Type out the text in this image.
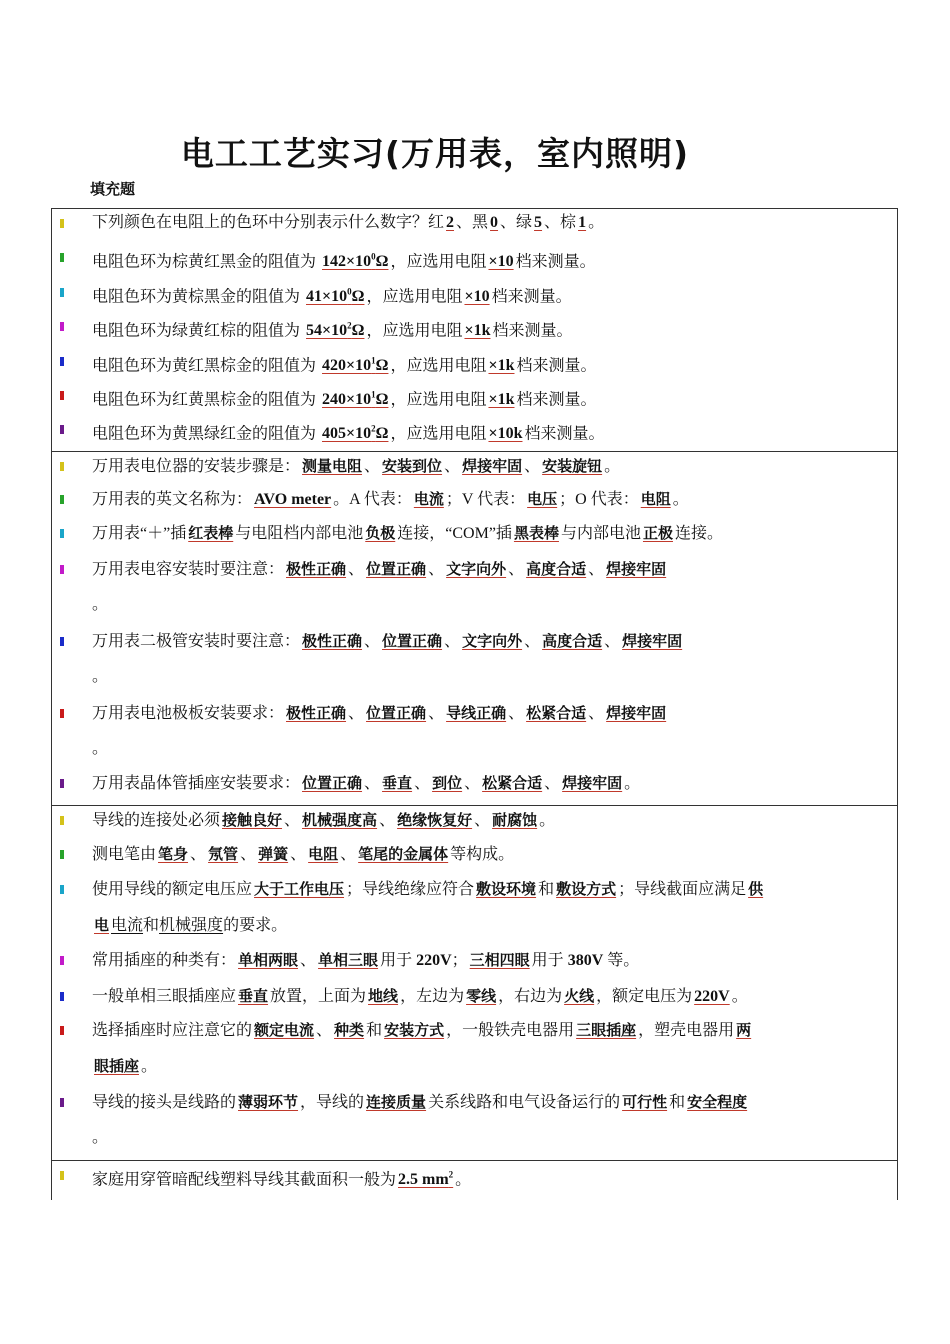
电工工艺实习(万用表，室内照明)
填充题
下列颜色在电阻上的色环中分别表示什么数字？红 2 、黑 0 、绿 5 、棕 1 。
电阻色环为棕黄红黑金的阻值为 $142\times 10^0\Omega$ ，应选用电阻 ×10 档来测量。
电阻色环为黄棕黑金的阻值为 $41\times 10^0\Omega$ ，应选用电阻 ×10 档来测量。
电阻色环为绿黄红棕的阻值为 $54\times 10^2\Omega$ ，应选用电阻 ×1k 档来测量。
电阻色环为黄红黑棕金的阻值为 $420\times 10^1\Omega$ ，应选用电阻 ×1k 档来测量。
电阻色环为红黄黑棕金的阻值为 $240\times 10^1\Omega$ ，应选用电阻 ×1k 档来测量。
电阻色环为黄黑绿红金的阻值为 $405\times 10^2\Omega$ ，应选用电阻 ×10k 档来测量。
万用表电位器的安装步骤是： 测量电阻 、 安装到位 、 焊接牢固 、 安装旋钮 。
万用表的英文名称为： AVO meter 。A 代表： 电流 ；V 代表： 电压 ；O 代表： 电阻 。
万用表“＋”插 红表棒 与电阻档内部电池 负极 连接，“COM”插 黑表棒 与内部电池 正极 连接。
万用表电容安装时要注意： 极性正确 、 位置正确 、 文字向外 、 高度合适 、 焊接牢固
。
万用表二极管安装时要注意： 极性正确 、 位置正确 、 文字向外 、 高度合适 、 焊接牢固
。
万用表电池极板安装要求： 极性正确 、 位置正确 、 导线正确 、 松紧合适 、 焊接牢固
。
万用表晶体管插座安装要求： 位置正确 、 垂直 、 到位 、 松紧合适 、 焊接牢固 。
导线的连接处必须 接触良好 、 机械强度高 、 绝缘恢复好 、 耐腐蚀 。
测电笔由 笔身 、 氖管 、 弹簧 、 电阻 、 笔尾的金属体 等构成。
使用导线的额定电压应 大于工作电压 ；导线绝缘应符合 敷设环境 和 敷设方式 ；导线截面应满足 供
电 电流和机械强度的要求。
常用插座的种类有： 单相两眼 、 单相三眼 用于 220V； 三相四眼 用于 380V 等。
一般单相三眼插座应 垂直 放置，上面为 地线 ，左边为 零线 ，右边为 火线 ，额定电压为 220V 。
选择插座时应注意它的 额定电流 、 种类 和 安装方式 ，一般铁壳电器用 三眼插座 ，塑壳电器用 两
眼插座 。
导线的接头是线路的 薄弱环节 ，导线的 连接质量 关系线路和电气设备运行的 可行性 和 安全程度
。
家庭用穿管暗配线塑料导线其截面积一般为 2.5 $mm^2$ 。
